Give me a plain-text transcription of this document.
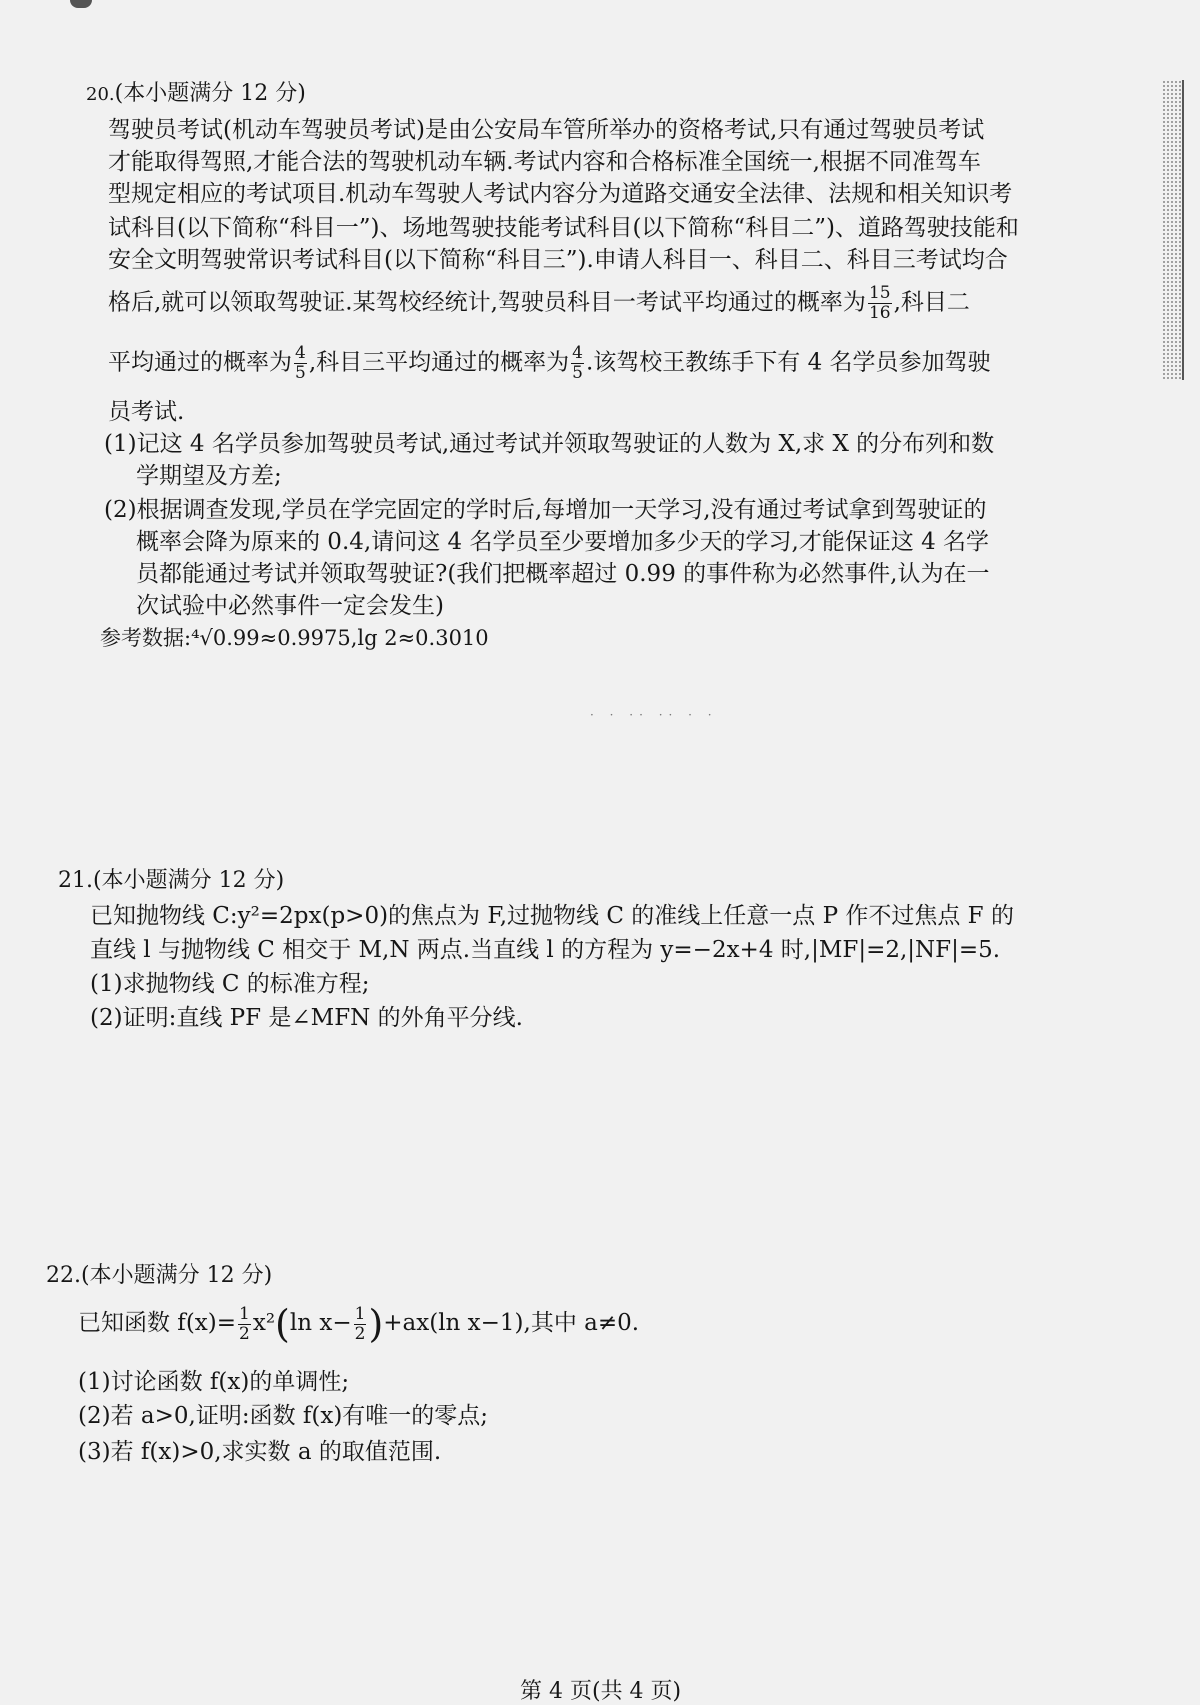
20.(本小题满分 12 分)
驾驶员考试(机动车驾驶员考试)是由公安局车管所举办的资格考试,只有通过驾驶员考试
才能取得驾照,才能合法的驾驶机动车辆.考试内容和合格标准全国统一,根据不同准驾车
型规定相应的考试项目.机动车驾驶人考试内容分为道路交通安全法律、法规和相关知识考
试科目(以下简称“科目一”)、场地驾驶技能考试科目(以下简称“科目二”)、道路驾驶技能和
安全文明驾驶常识考试科目(以下简称“科目三”).申请人科目一、科目二、科目三考试均合
格后,就可以领取驾驶证.某驾校经统计,驾驶员科目一考试平均通过的概率为 $\frac{15}{16}$ ,科目二
平均通过的概率为 $\frac{4}{5}$ ,科目三平均通过的概率为 $\frac{4}{5}$ .该驾校王教练手下有 4 名学员参加驾驶
员考试.
(1)记这 4 名学员参加驾驶员考试,通过考试并领取驾驶证的人数为 X,求 X 的分布列和数
学期望及方差;
(2)根据调查发现,学员在学完固定的学时后,每增加一天学习,没有通过考试拿到驾驶证的
概率会降为原来的 0.4,请问这 4 名学员至少要增加多少天的学习,才能保证这 4 名学
员都能通过考试并领取驾驶证?(我们把概率超过 0.99 的事件称为必然事件,认为在一
次试验中必然事件一定会发生)
参考数据:⁴√0.99≈0.9975,lg 2≈0.3010
· · ·· ·· · ·
21.(本小题满分 12 分)
已知抛物线 C:y²=2px(p>0)的焦点为 F,过抛物线 C 的准线上任意一点 P 作不过焦点 F 的
直线 l 与抛物线 C 相交于 M,N 两点.当直线 l 的方程为 y=−2x+4 时,|MF|=2,|NF|=5.
(1)求抛物线 C 的标准方程;
(2)证明:直线 PF 是∠MFN 的外角平分线.
22.(本小题满分 12 分)
已知函数 $f(x)= \frac{1}{2} x^2(\ln$ $x- \frac{1}{2} )+ax(\ln$ x−1),其中 a≠0.
(1)讨论函数 f(x)的单调性;
(2)若 a>0,证明:函数 f(x)有唯一的零点;
(3)若 f(x)>0,求实数 a 的取值范围.
第 4 页(共 4 页)
